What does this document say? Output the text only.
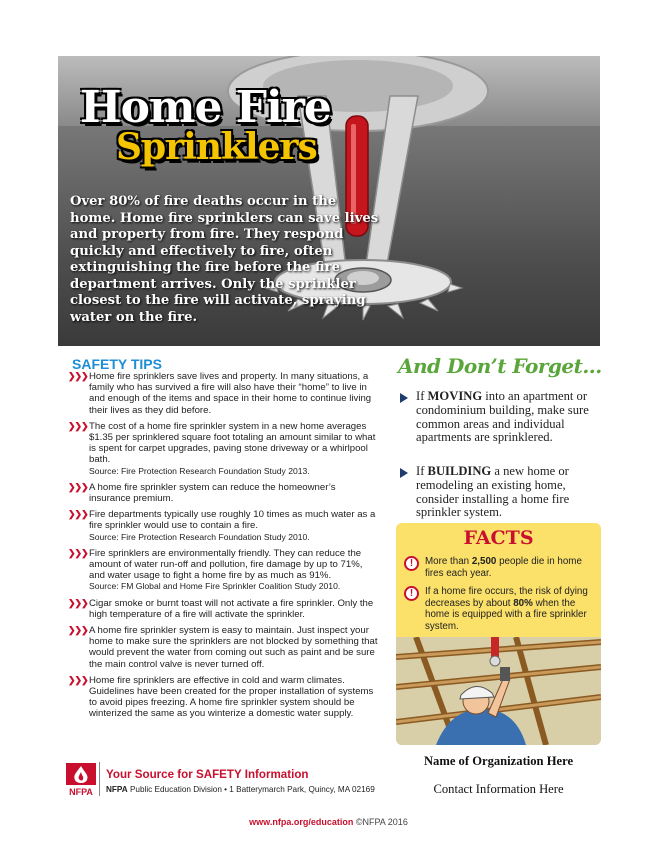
Home Fire
Sprinklers
Over 80% of fire deaths occur in the home. Home fire sprinklers can save lives and property from fire. They respond quickly and effectively to fire, often extinguishing the fire before the fire department arrives. Only the sprinkler closest to the fire will activate, spraying water on the fire.
SAFETY TIPS
❯❯❯ Home fire sprinklers save lives and property. In many situations, a family who has survived a fire will also have their “home” to live in and enough of the items and space in their home to continue living their lives as they did before.
❯❯❯ The cost of a home fire sprinkler system in a new home averages $1.35 per sprinklered square foot totaling an amount similar to what is spent for carpet upgrades, paving stone driveway or a whirlpool bath.
Source: Fire Protection Research Foundation Study 2013.
❯❯❯ A home fire sprinkler system can reduce the homeowner’s insurance premium.
❯❯❯ Fire departments typically use roughly 10 times as much water as a fire sprinkler would use to contain a fire.
Source: Fire Protection Research Foundation Study 2010.
❯❯❯ Fire sprinklers are environmentally friendly. They can reduce the amount of water run-off and pollution, fire damage by up to 71%, and water usage to fight a home fire by as much as 91%.
Source: FM Global and Home Fire Sprinkler Coalition Study 2010.
❯❯❯ Cigar smoke or burnt toast will not activate a fire sprinkler. Only the high temperature of a fire will activate the sprinkler.
❯❯❯ A home fire sprinkler system is easy to maintain. Just inspect your home to make sure the sprinklers are not blocked by something that would prevent the water from coming out such as paint and be sure the main control valve is never turned off.
❯❯❯ Home fire sprinklers are effective in cold and warm climates. Guidelines have been created for the proper installation of systems to avoid pipes freezing. A home fire sprinkler system should be winterized the same as you winterize a domestic water supply.
And Don’t Forget...
If MOVING into an apartment or condominium building, make sure common areas and individual apartments are sprinklered.
If BUILDING a new home or remodeling an existing home, consider installing a home fire sprinkler system.
FACTS
!	More than 2,500 people die in home fires each year.
!	If a home fire occurs, the risk of dying decreases by about 80% when the home is equipped with a fire sprinkler system.
Name of Organization Here
Contact Information Here
NFPA
Your Source for SAFETY Information
NFPA Public Education Division • 1 Batterymarch Park, Quincy, MA 02169
www.nfpa.org/education ©NFPA 2016
